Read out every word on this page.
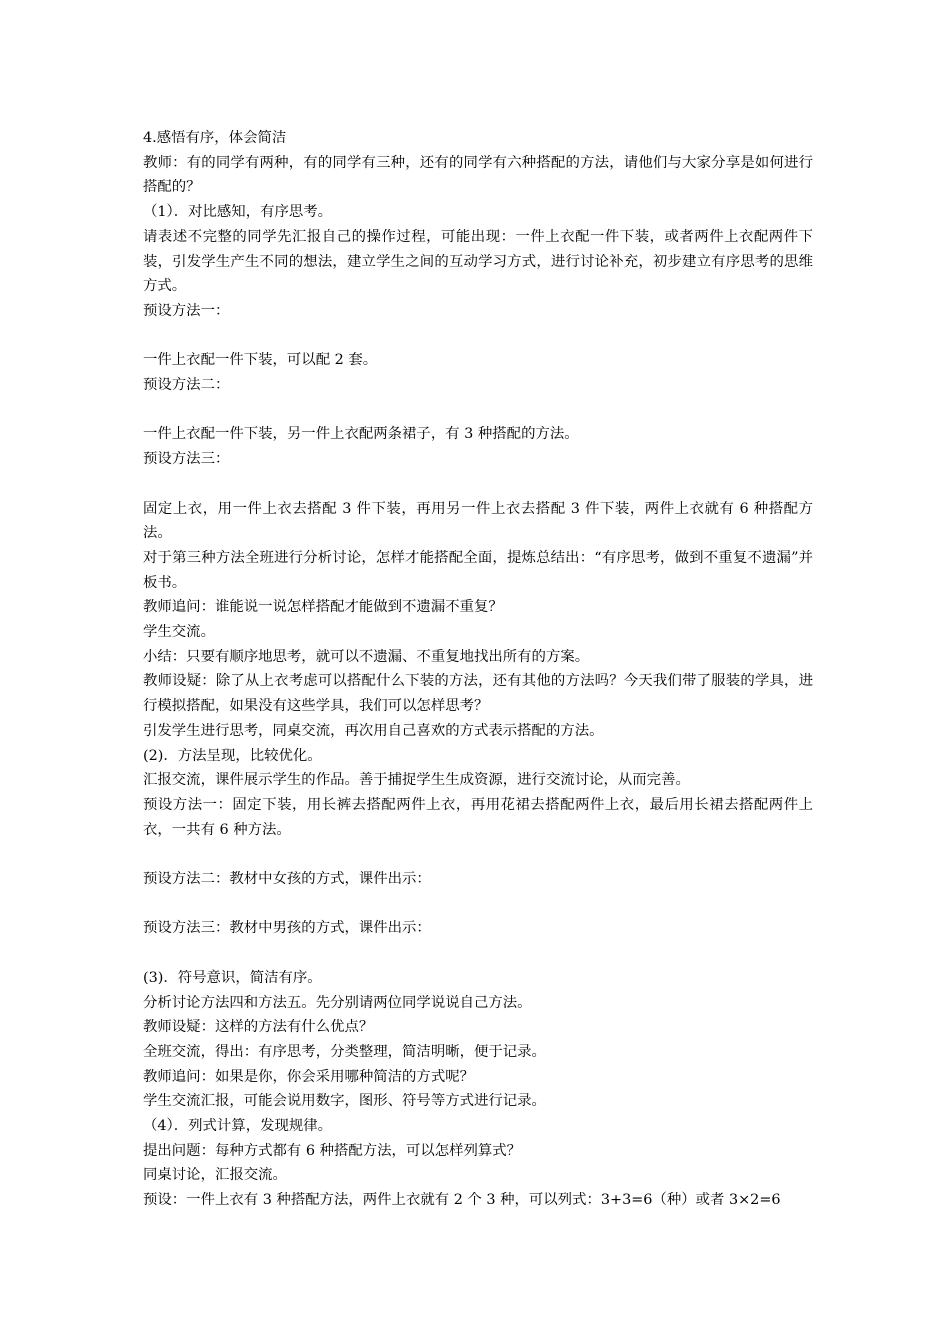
4.感悟有序，体会简洁

教师：有的同学有两种，有的同学有三种，还有的同学有六种搭配的方法，请他们与大家分享是如何进行搭配的？

（1）．对比感知，有序思考。

请表述不完整的同学先汇报自己的操作过程，可能出现：一件上衣配一件下装，或者两件上衣配两件下装，引发学生产生不同的想法，建立学生之间的互动学习方式，进行讨论补充，初步建立有序思考的思维方式。

预设方法一：

一件上衣配一件下装，可以配 2 套。

预设方法二：

一件上衣配一件下装，另一件上衣配两条裙子，有 3 种搭配的方法。

预设方法三：

固定上衣，用一件上衣去搭配 3 件下装，再用另一件上衣去搭配 3 件下装，两件上衣就有 6 种搭配方法。

对于第三种方法全班进行分析讨论，怎样才能搭配全面，提炼总结出：“有序思考，做到不重复不遗漏”并板书。

教师追问：谁能说一说怎样搭配才能做到不遗漏不重复？

学生交流。

小结：只要有顺序地思考，就可以不遗漏、不重复地找出所有的方案。

教师设疑：除了从上衣考虑可以搭配什么下装的方法，还有其他的方法吗？今天我们带了服装的学具，进行模拟搭配，如果没有这些学具，我们可以怎样思考？

引发学生进行思考，同桌交流，再次用自己喜欢的方式表示搭配的方法。

(2)．方法呈现，比较优化。

汇报交流，课件展示学生的作品。善于捕捉学生生成资源，进行交流讨论，从而完善。

预设方法一：固定下装，用长裤去搭配两件上衣，再用花裙去搭配两件上衣，最后用长裙去搭配两件上衣，一共有 6 种方法。

预设方法二：教材中女孩的方式，课件出示：

预设方法三：教材中男孩的方式，课件出示：

(3)．符号意识，简洁有序。

分析讨论方法四和方法五。先分别请两位同学说说自己方法。

教师设疑：这样的方法有什么优点？

全班交流，得出：有序思考，分类整理，简洁明晰，便于记录。

教师追问：如果是你，你会采用哪种简洁的方式呢？

学生交流汇报，可能会说用数字，图形、符号等方式进行记录。

（4）．列式计算，发现规律。

提出问题：每种方式都有 6 种搭配方法，可以怎样列算式？

同桌讨论，汇报交流。

预设：一件上衣有 3 种搭配方法，两件上衣就有 2 个 3 种，可以列式：3+3=6（种）或者 3×2=6
